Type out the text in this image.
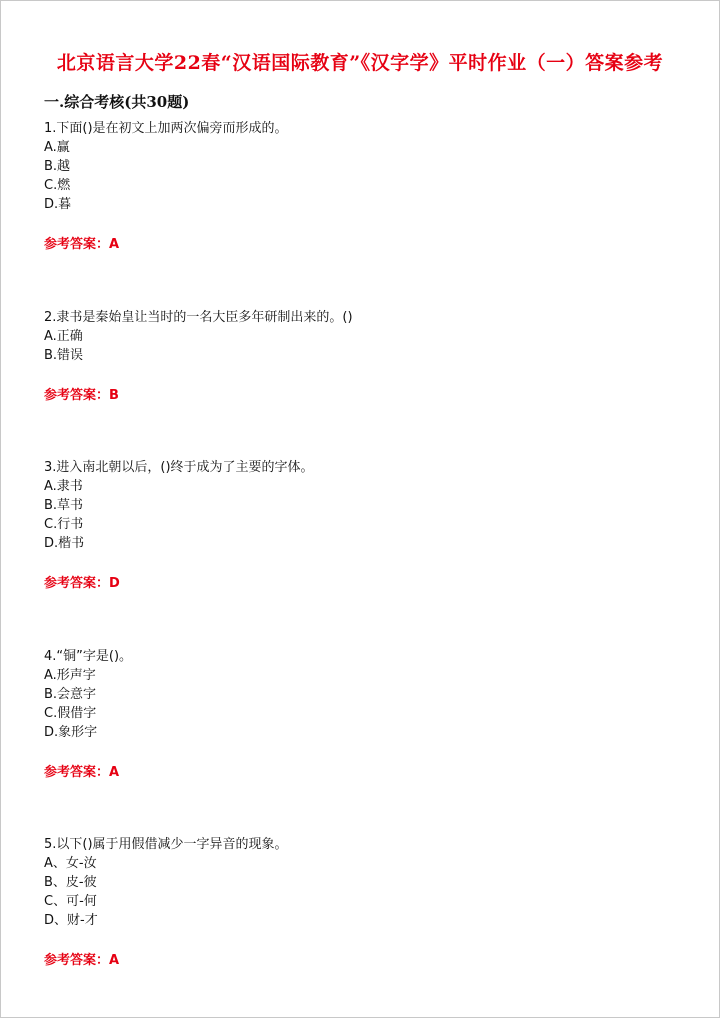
北京语言大学22春“汉语国际教育”《汉字学》平时作业（一）答案参考
一.综合考核(共30题)
1.下面()是在初文上加两次偏旁而形成的。
A.赢
B.越
C.燃
D.暮
参考答案：A
2.隶书是秦始皇让当时的一名大臣多年研制出来的。()
A.正确
B.错误
参考答案：B
3.进入南北朝以后，()终于成为了主要的字体。
A.隶书
B.草书
C.行书
D.楷书
参考答案：D
4.“铜”字是()。
A.形声字
B.会意字
C.假借字
D.象形字
参考答案：A
5.以下()属于用假借减少一字异音的现象。
A、女-汝
B、皮-彼
C、可-何
D、财-才
参考答案：A
